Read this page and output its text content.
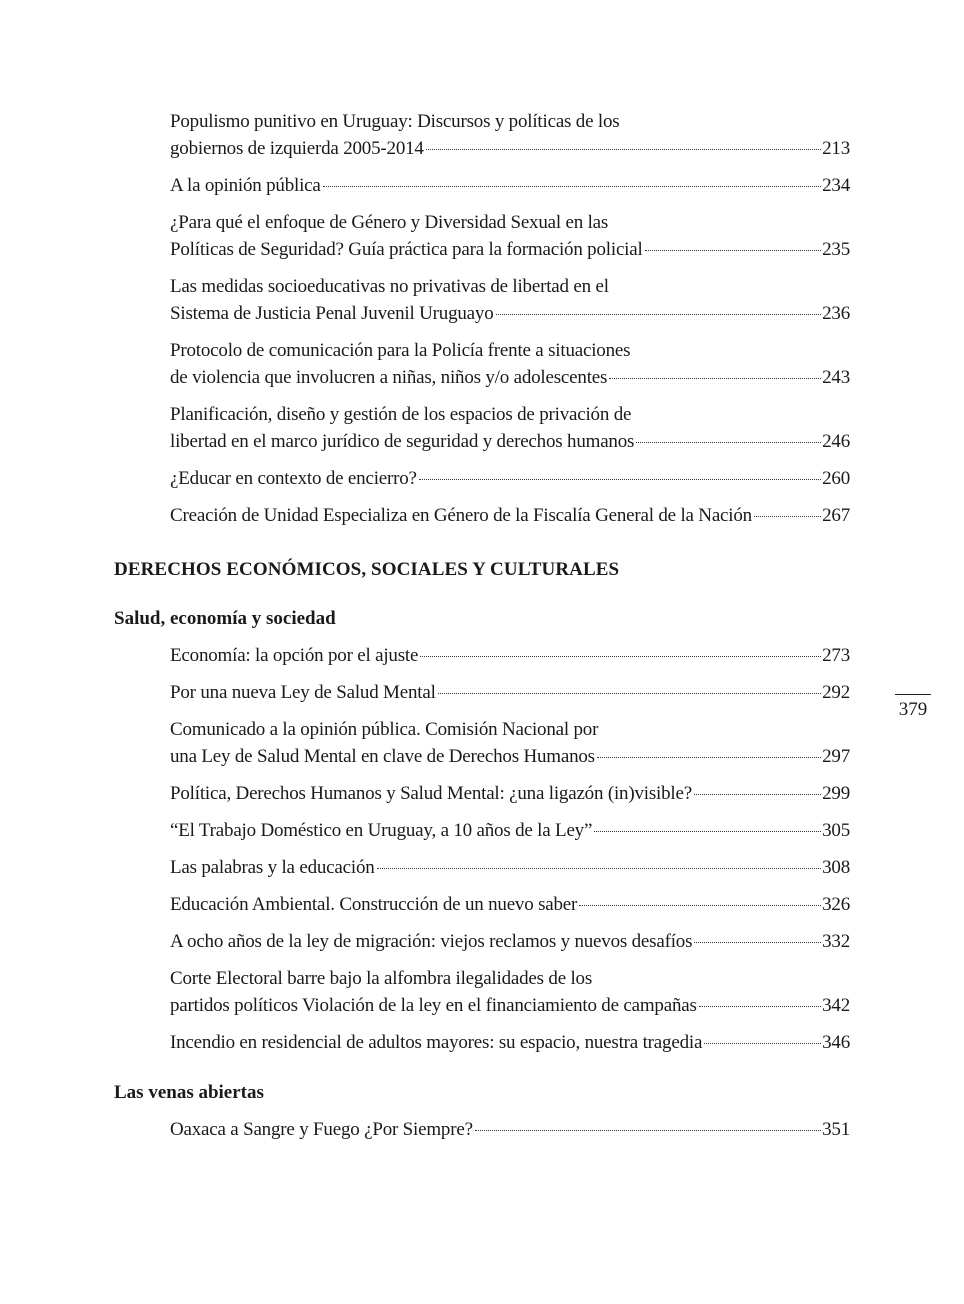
Populismo punitivo en Uruguay: Discursos y políticas de los
gobiernos de izquierda 2005-2014	213
A la opinión pública	234
¿Para qué el enfoque de Género y Diversidad Sexual en las
Políticas de Seguridad? Guía práctica para la formación policial	235
Las medidas socioeducativas no privativas de libertad en el
Sistema de Justicia Penal Juvenil Uruguayo	236
Protocolo de comunicación para la Policía frente a situaciones
de violencia que involucren a niñas, niños y/o adolescentes	243
Planificación, diseño y gestión de los espacios de privación de
libertad en el marco jurídico de seguridad y derechos humanos	246
¿Educar en contexto de encierro?	260
Creación de Unidad Especializa en Género de la Fiscalía General de la Nación	267
DERECHOS ECONÓMICOS, SOCIALES Y CULTURALES
Salud, economía y sociedad
Economía: la opción por el ajuste	273
Por una nueva Ley de Salud Mental	292
Comunicado a la opinión pública. Comisión Nacional por
una Ley de Salud Mental en clave de Derechos Humanos	297
Política, Derechos Humanos y Salud Mental: ¿una ligazón (in)visible?	299
“El Trabajo Doméstico en Uruguay, a 10 años de la Ley”	305
Las palabras y la educación	308
Educación Ambiental. Construcción de un nuevo saber	326
A ocho años de la ley de migración: viejos reclamos y nuevos desafíos	332
Corte Electoral barre bajo la alfombra ilegalidades de los
partidos políticos Violación de la ley en el financiamiento de campañas	342
Incendio en residencial de adultos mayores: su espacio, nuestra tragedia	346
Las venas abiertas
Oaxaca a Sangre y Fuego ¿Por Siempre?	351
379
